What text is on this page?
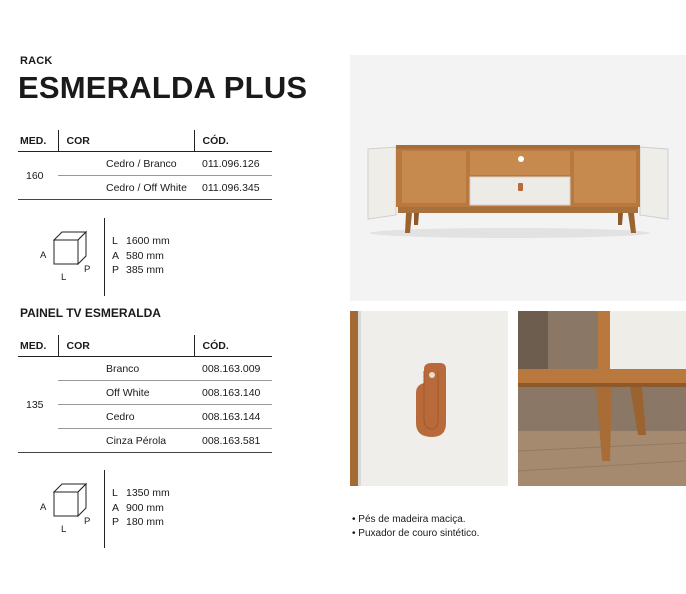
RACK
ESMERALDA PLUS
MED.	COR	CÓD.
160	Cedro / Branco	011.096.126
	Cedro / Off White	011.096.345
A
L
P
L 1600 mm
A 580 mm
P 385 mm
PAINEL TV ESMERALDA
MED.	COR	CÓD.
135	Branco	008.163.009
	Off White	008.163.140
	Cedro	008.163.144
	Cinza Pérola	008.163.581
A
L
P
L 1350 mm
A 900 mm
P 180 mm	• Pés de madeira maciça.
• Puxador de couro sintético.
